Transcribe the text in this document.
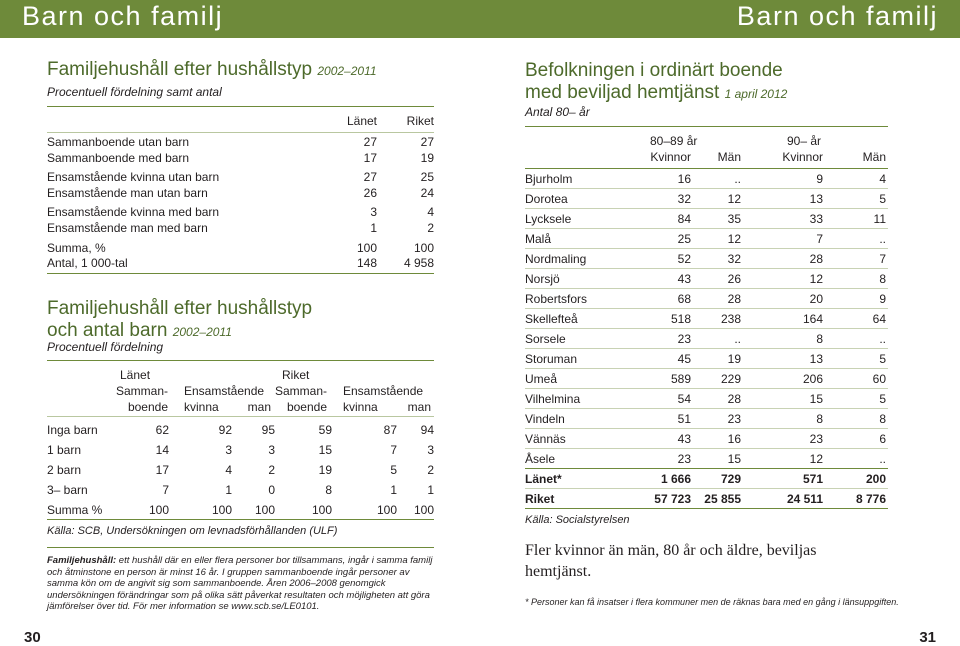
Barn och familj	Barn och familj
Familjehushåll efter hushållstyp 2002–2011
Procentuell fördelning samt antal
Länet	Riket
Sammanboende utan barn	27	27
Sammanboende med barn	17	19
Ensamstående kvinna utan barn	27	25
Ensamstående man utan barn	26	24
Ensamstående kvinna med barn	3	4
Ensamstående man med barn	1	2
Summa, %	100	100
Antal, 1 000-tal	148	4 958
Familjehushåll efter hushållstyp
och antal barn 2002–2011
Procentuell fördelning
Länet	Riket
Samman-
boende
Ensamstående
kvinna	man
Samman-
boende
Ensamstående
kvinna	man
Inga barn	62	92	95	59	87	94
1 barn	14	3	3	15	7	3
2 barn	17	4	2	19	5	2
3– barn	7	1	0	8	1	1
Summa %	100	100	100	100	100	100
Källa: SCB, Undersökningen om levnadsförhållanden (ULF)
Familjehushåll: ett hushåll där en eller flera personer bor tillsammans, ingår i samma familj och åtminstone en person är minst 16 år. I gruppen sammanboende ingår personer av samma kön om de angivit sig som sammanboende. Åren 2006–2008 genomgick undersökningen förändringar som på olika sätt påverkat resultaten och möjligheten att göra jämförelser över tid. För mer information se www.scb.se/LE0101.
Befolkningen i ordinärt boende
med beviljad hemtjänst 1 april 2012
Antal 80– år
80–89 år	90– år
Kvinnor	Män	Kvinnor	Män
Bjurholm	16	..	9	4
Dorotea	32	12	13	5
Lycksele	84	35	33	11
Malå	25	12	7	..
Nordmaling	52	32	28	7
Norsjö	43	26	12	8
Robertsfors	68	28	20	9
Skellefteå	518	238	164	64
Sorsele	23	..	8	..
Storuman	45	19	13	5
Umeå	589	229	206	60
Vilhelmina	54	28	15	5
Vindeln	51	23	8	8
Vännäs	43	16	23	6
Åsele	23	15	12	..
Länet*	1 666	729	571	200
Riket	57 723	25 855	24 511	8 776
Källa: Socialstyrelsen
Fler kvinnor än män, 80 år och äldre, beviljas hemtjänst.
* Personer kan få insatser i flera kommuner men de räknas bara med en gång i länsuppgiften.
30	31
